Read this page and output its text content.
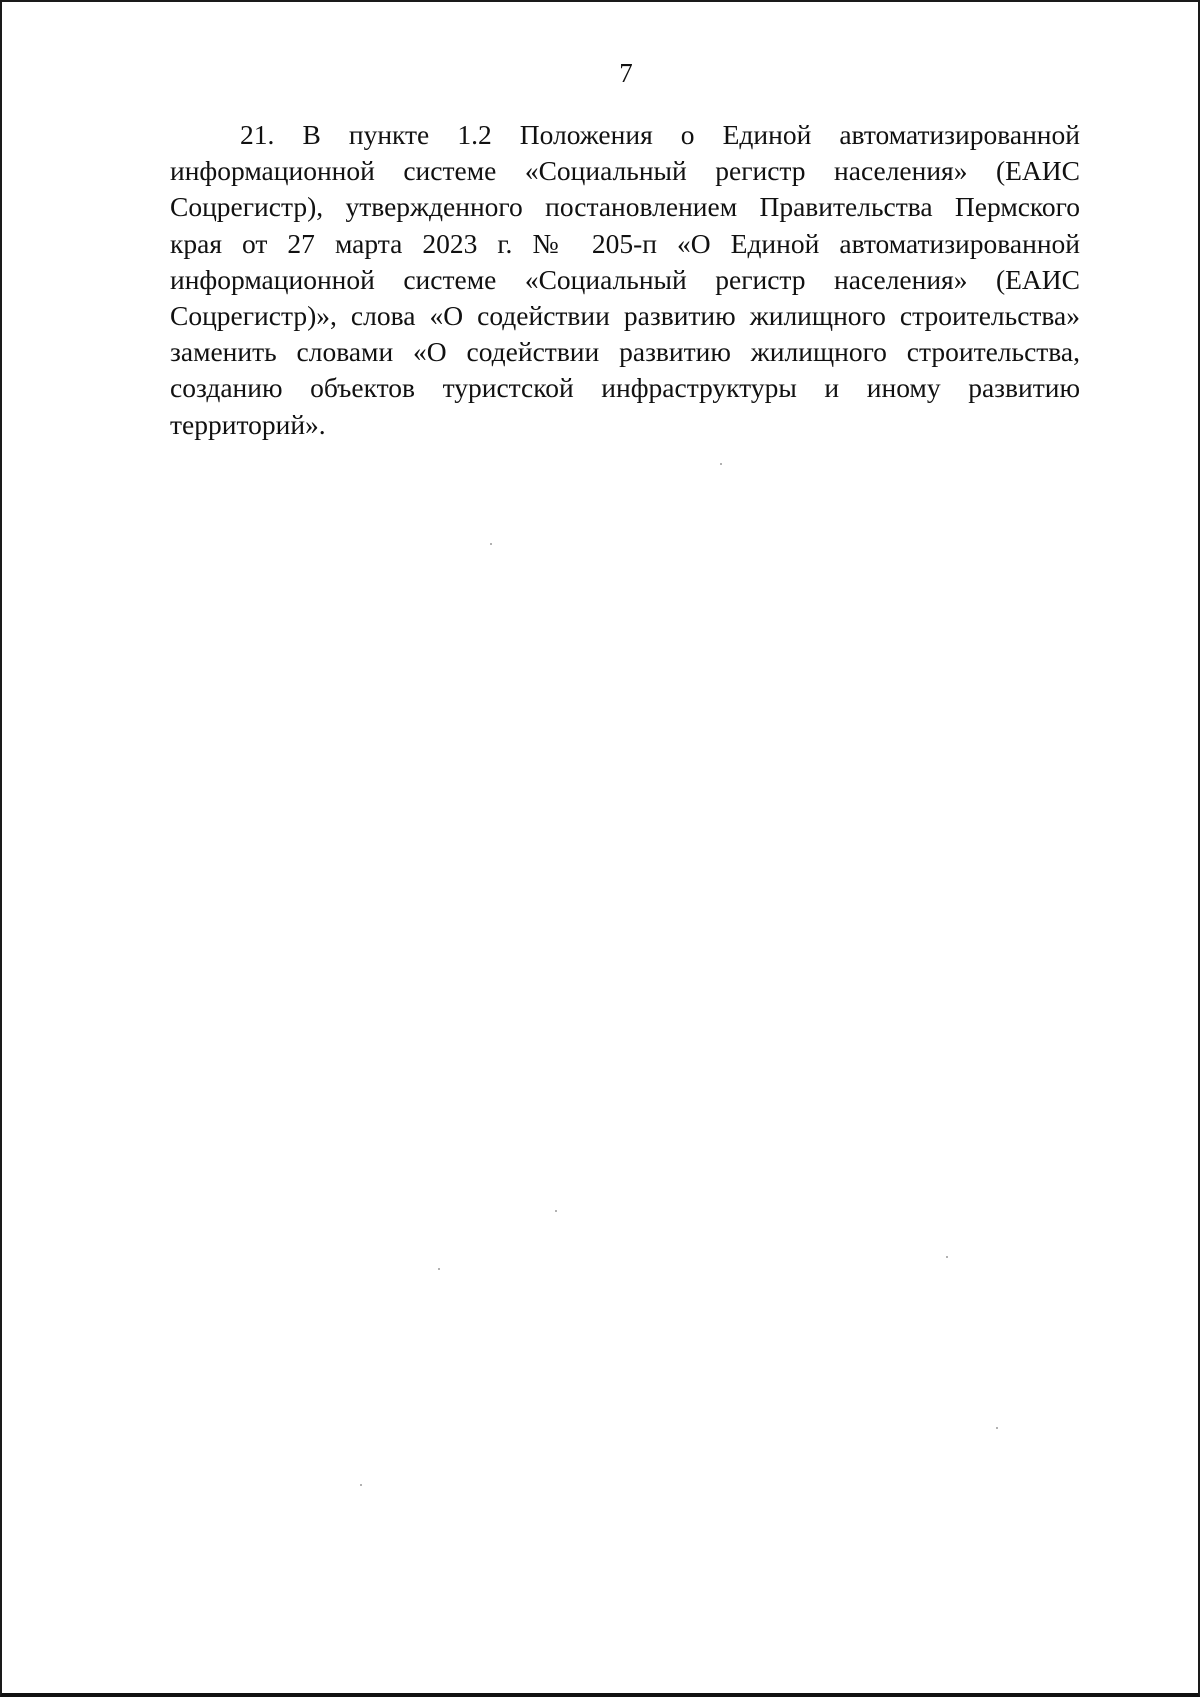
7
21. В пункте 1.2 Положения о Единой автоматизированной
информационной системе «Социальный регистр населения» (ЕАИС
Соцрегистр), утвержденного постановлением Правительства Пермского
края от 27 марта 2023 г. № 205-п «О Единой автоматизированной
информационной системе «Социальный регистр населения» (ЕАИС
Соцрегистр)», слова «О содействии развитию жилищного строительства»
заменить словами «О содействии развитию жилищного строительства,
созданию объектов туристской инфраструктуры и иному развитию
территорий».
